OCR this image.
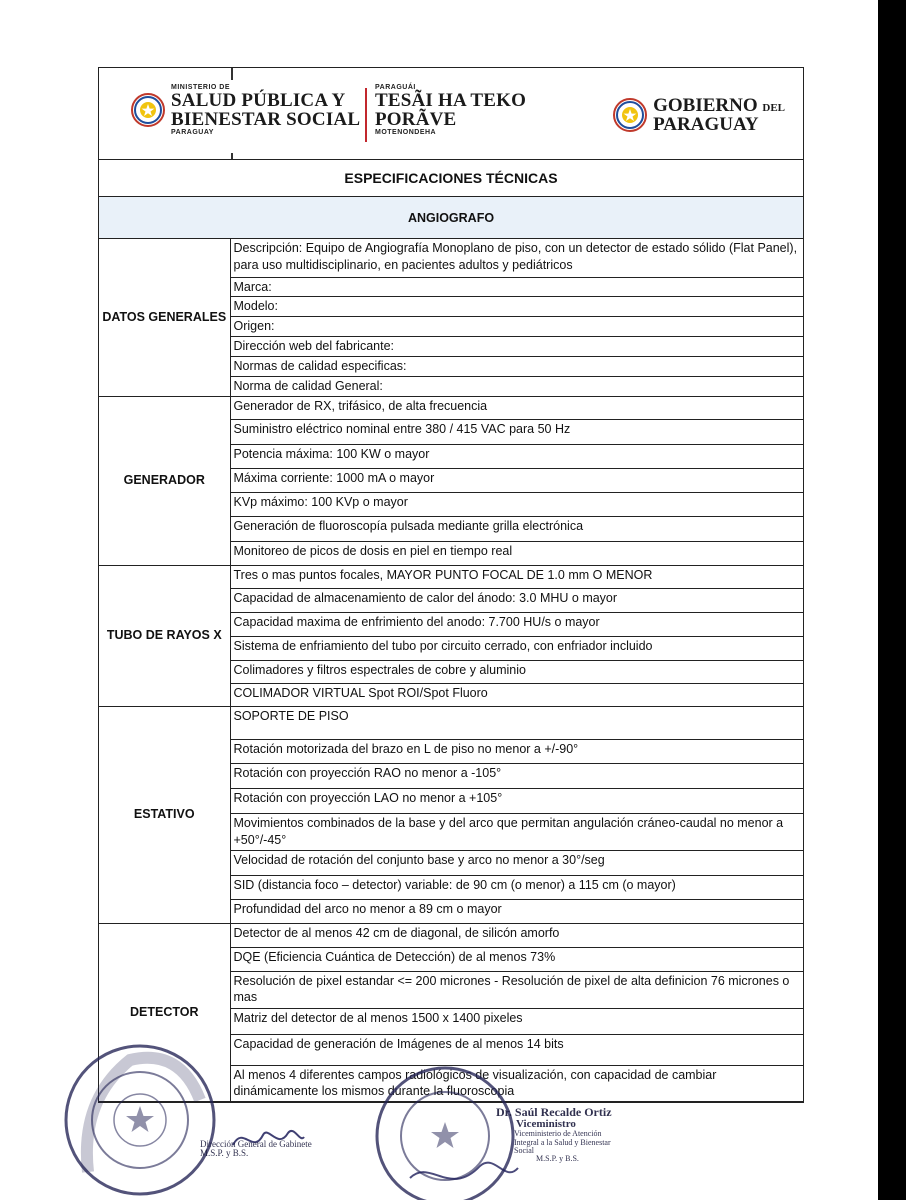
MINISTERIO DE
SALUD PÚBLICA Y
BIENESTAR SOCIAL
PARAGUAY
PARAGUÁI
TESÃI HA TEKO
PORÃVE
MOTENONDEHA
GOBIERNO DEL
PARAGUAY
ESPECIFICACIONES TÉCNICAS
ANGIOGRAFO
DATOS GENERALES	Descripción: Equipo de Angiografía Monoplano de piso, con un detector de estado sólido (Flat Panel), para uso multidisciplinario, en pacientes adultos y pediátricos
	Marca:
	Modelo:
	Origen:
	Dirección web del fabricante:
	Normas de calidad especificas:
	Norma de calidad General:
GENERADOR	Generador de RX, trifásico, de alta frecuencia
	Suministro eléctrico nominal entre 380 / 415 VAC para 50 Hz
	Potencia máxima: 100 KW o mayor
	Máxima corriente: 1000 mA o mayor
	KVp máximo: 100 KVp o mayor
	Generación de fluoroscopía pulsada mediante grilla electrónica
	Monitoreo de picos de dosis en piel en tiempo real
TUBO DE RAYOS X	Tres o mas puntos focales, MAYOR PUNTO FOCAL DE 1.0 mm O MENOR
	Capacidad de almacenamiento de calor del ánodo: 3.0 MHU o mayor
	Capacidad maxima de enfrimiento del anodo: 7.700 HU/s o mayor
	Sistema de enfriamiento del tubo por circuito cerrado, con enfriador incluido
	Colimadores y filtros espectrales de cobre y aluminio
	COLIMADOR VIRTUAL Spot ROI/Spot Fluoro
ESTATIVO	SOPORTE DE PISO
	Rotación motorizada del brazo en L de piso no menor a +/-90°
	Rotación con proyección RAO no menor a -105°
	Rotación con proyección LAO no menor a +105°
	Movimientos combinados de la base y del arco que permitan angulación cráneo-caudal no menor a +50°/-45°
	Velocidad de rotación del conjunto base y arco no menor a 30°/seg
	SID (distancia foco – detector) variable: de 90 cm (o menor) a 115 cm (o mayor)
	Profundidad del arco no menor a 89 cm o mayor
DETECTOR	Detector de al menos 42 cm de diagonal, de silicón amorfo
	DQE (Eficiencia Cuántica de Detección) de al menos 73%
	Resolución de pixel estandar <= 200 micrones - Resolución de pixel de alta definicion 76 micrones o mas
	Matriz del detector de al menos 1500 x 1400 pixeles
	Capacidad de generación de Imágenes de al menos 14 bits
	Al menos 4 diferentes campos radiológicos de visualización, con capacidad de cambiar dinámicamente los mismos durante la fluoroscopia
Dirección General de Gabinete M.S.P. y B.S.
Dr. Saúl Recalde Ortiz
Viceministro
Viceministerio de Atención Integral a la Salud y Bienestar Social
M.S.P. y B.S.
